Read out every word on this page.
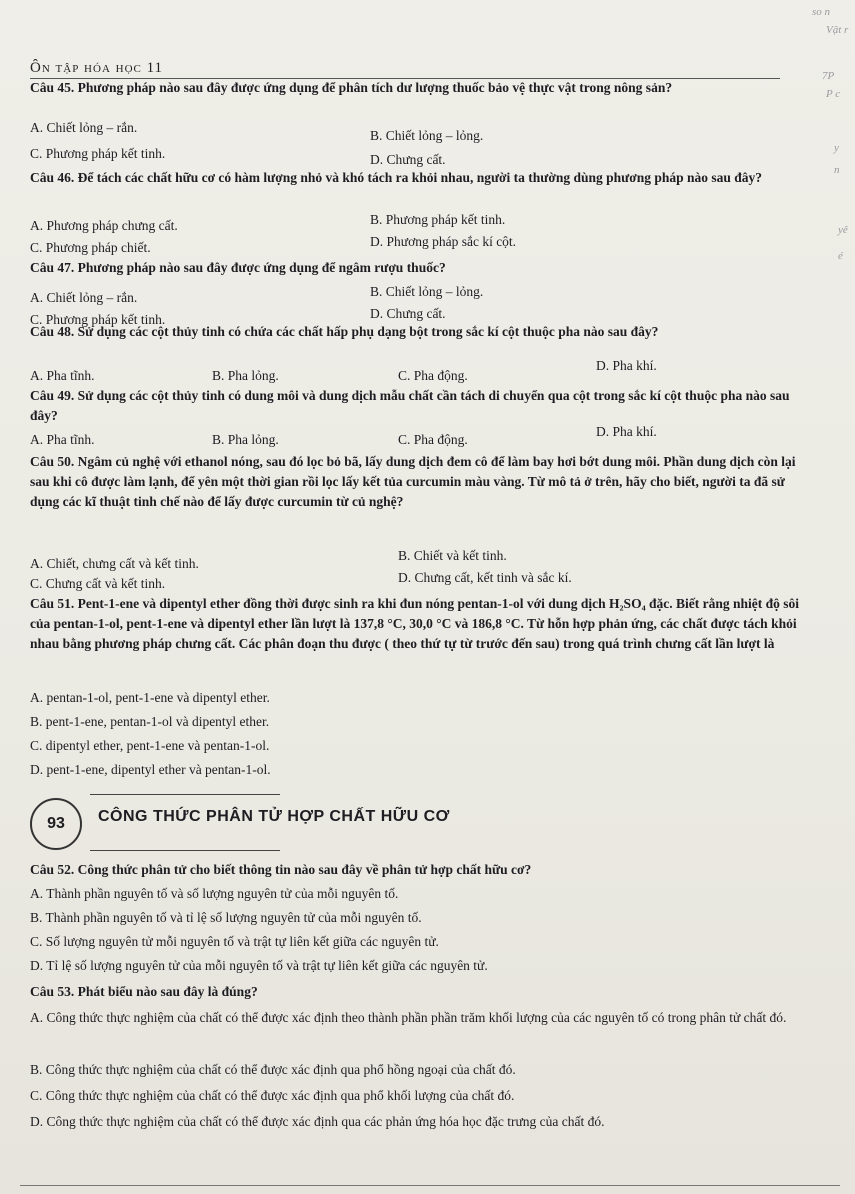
so n
Vật r
7P
P c
y
n
yê
é
Ôn tập hóa học 11
Câu 45. Phương pháp nào sau đây được ứng dụng để phân tích dư lượng thuốc bảo vệ thực vật trong nông sản?
A. Chiết lỏng – rắn.
B. Chiết lỏng – lỏng.
C. Phương pháp kết tinh.	D. Chưng cất.
Câu 46. Để tách các chất hữu cơ có hàm lượng nhỏ và khó tách ra khỏi nhau, người ta thường dùng phương pháp nào sau đây?
A. Phương pháp chưng cất.	B. Phương pháp kết tinh.
C. Phương pháp chiết.	D. Phương pháp sắc kí cột.
Câu 47. Phương pháp nào sau đây được ứng dụng để ngâm rượu thuốc?
A. Chiết lỏng – rắn.	B. Chiết lỏng – lỏng.
C. Phương pháp kết tinh.	D. Chưng cất.
Câu 48. Sử dụng các cột thủy tinh có chứa các chất hấp phụ dạng bột trong sắc kí cột thuộc pha nào sau đây?
A. Pha tĩnh.	B. Pha lỏng.	C. Pha động.
D. Pha khí.
Câu 49. Sử dụng các cột thủy tinh có dung môi và dung dịch mẫu chất cần tách di chuyển qua cột trong sắc kí cột thuộc pha nào sau đây?
A. Pha tĩnh.	B. Pha lỏng.	C. Pha động.
D. Pha khí.
Câu 50. Ngâm củ nghệ với ethanol nóng, sau đó lọc bỏ bã, lấy dung dịch đem cô để làm bay hơi bớt dung môi. Phần dung dịch còn lại sau khi cô được làm lạnh, để yên một thời gian rồi lọc lấy kết tủa curcumin màu vàng. Từ mô tả ở trên, hãy cho biết, người ta đã sử dụng các kĩ thuật tinh chế nào để lấy được curcumin từ củ nghệ?
A. Chiết, chưng cất và kết tinh.
B. Chiết và kết tinh.
C. Chưng cất và kết tinh.	D. Chưng cất, kết tinh và sắc kí.
Câu 51. Pent-1-ene và dipentyl ether đồng thời được sinh ra khi đun nóng pentan-1-ol với dung dịch H₂SO₄ đặc. Biết rằng nhiệt độ sôi của pentan-1-ol, pent-1-ene và dipentyl ether lần lượt là 137,8 °C, 30,0 °C và 186,8 °C. Từ hỗn hợp phản ứng, các chất được tách khỏi nhau bằng phương pháp chưng cất. Các phân đoạn thu được ( theo thứ tự từ trước đến sau) trong quá trình chưng cất lần lượt là
A. pentan-1-ol, pent-1-ene và dipentyl ether.
B. pent-1-ene, pentan-1-ol và dipentyl ether.
C. dipentyl ether, pent-1-ene và pentan-1-ol.
D. pent-1-ene, dipentyl ether và pentan-1-ol.
93	CÔNG THỨC PHÂN TỬ HỢP CHẤT HỮU CƠ
Câu 52. Công thức phân tử cho biết thông tin nào sau đây về phân tử hợp chất hữu cơ?
A. Thành phần nguyên tố và số lượng nguyên tử của mỗi nguyên tố.
B. Thành phần nguyên tố và tỉ lệ số lượng nguyên tử của mỗi nguyên tố.
C. Số lượng nguyên tử mỗi nguyên tố và trật tự liên kết giữa các nguyên tử.
D. Tỉ lệ số lượng nguyên tử của mỗi nguyên tố và trật tự liên kết giữa các nguyên tử.
Câu 53. Phát biểu nào sau đây là đúng?
A. Công thức thực nghiệm của chất có thể được xác định theo thành phần phần trăm khối lượng của các nguyên tố có trong phân tử chất đó.
B. Công thức thực nghiệm của chất có thể được xác định qua phổ hồng ngoại của chất đó.
C. Công thức thực nghiệm của chất có thể được xác định qua phổ khối lượng của chất đó.
D. Công thức thực nghiệm của chất có thể được xác định qua các phản ứng hóa học đặc trưng của chất đó.
